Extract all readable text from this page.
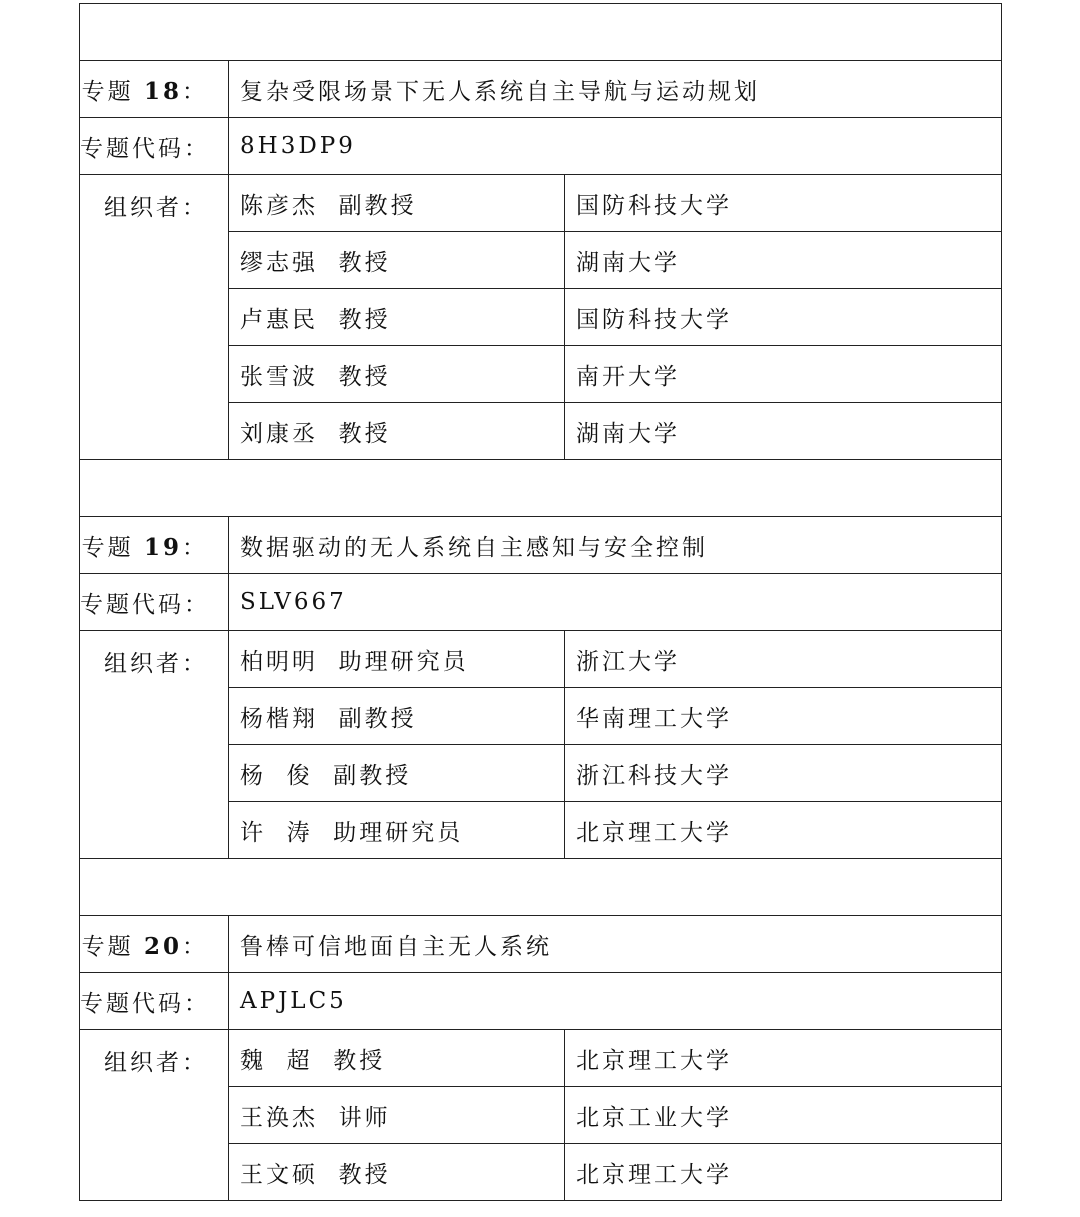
专题 18：	复杂受限场景下无人系统自主导航与运动规划	
专题代码：	8H3DP9	
组织者：	陈彦杰  副教授	国防科技大学
	缪志强  教授	湖南大学
	卢惠民  教授	国防科技大学
	张雪波  教授	南开大学
	刘康丞  教授	湖南大学

专题 19：	数据驱动的无人系统自主感知与安全控制	
专题代码：	SLV667	
组织者：	柏明明  助理研究员	浙江大学
	杨楷翔  副教授	华南理工大学
	杨  俊  副教授	浙江科技大学
	许  涛  助理研究员	北京理工大学

专题 20：	鲁棒可信地面自主无人系统	
专题代码：	APJLC5	
组织者：	魏  超  教授	北京理工大学
	王涣杰  讲师	北京工业大学
	王文硕  教授	北京理工大学
